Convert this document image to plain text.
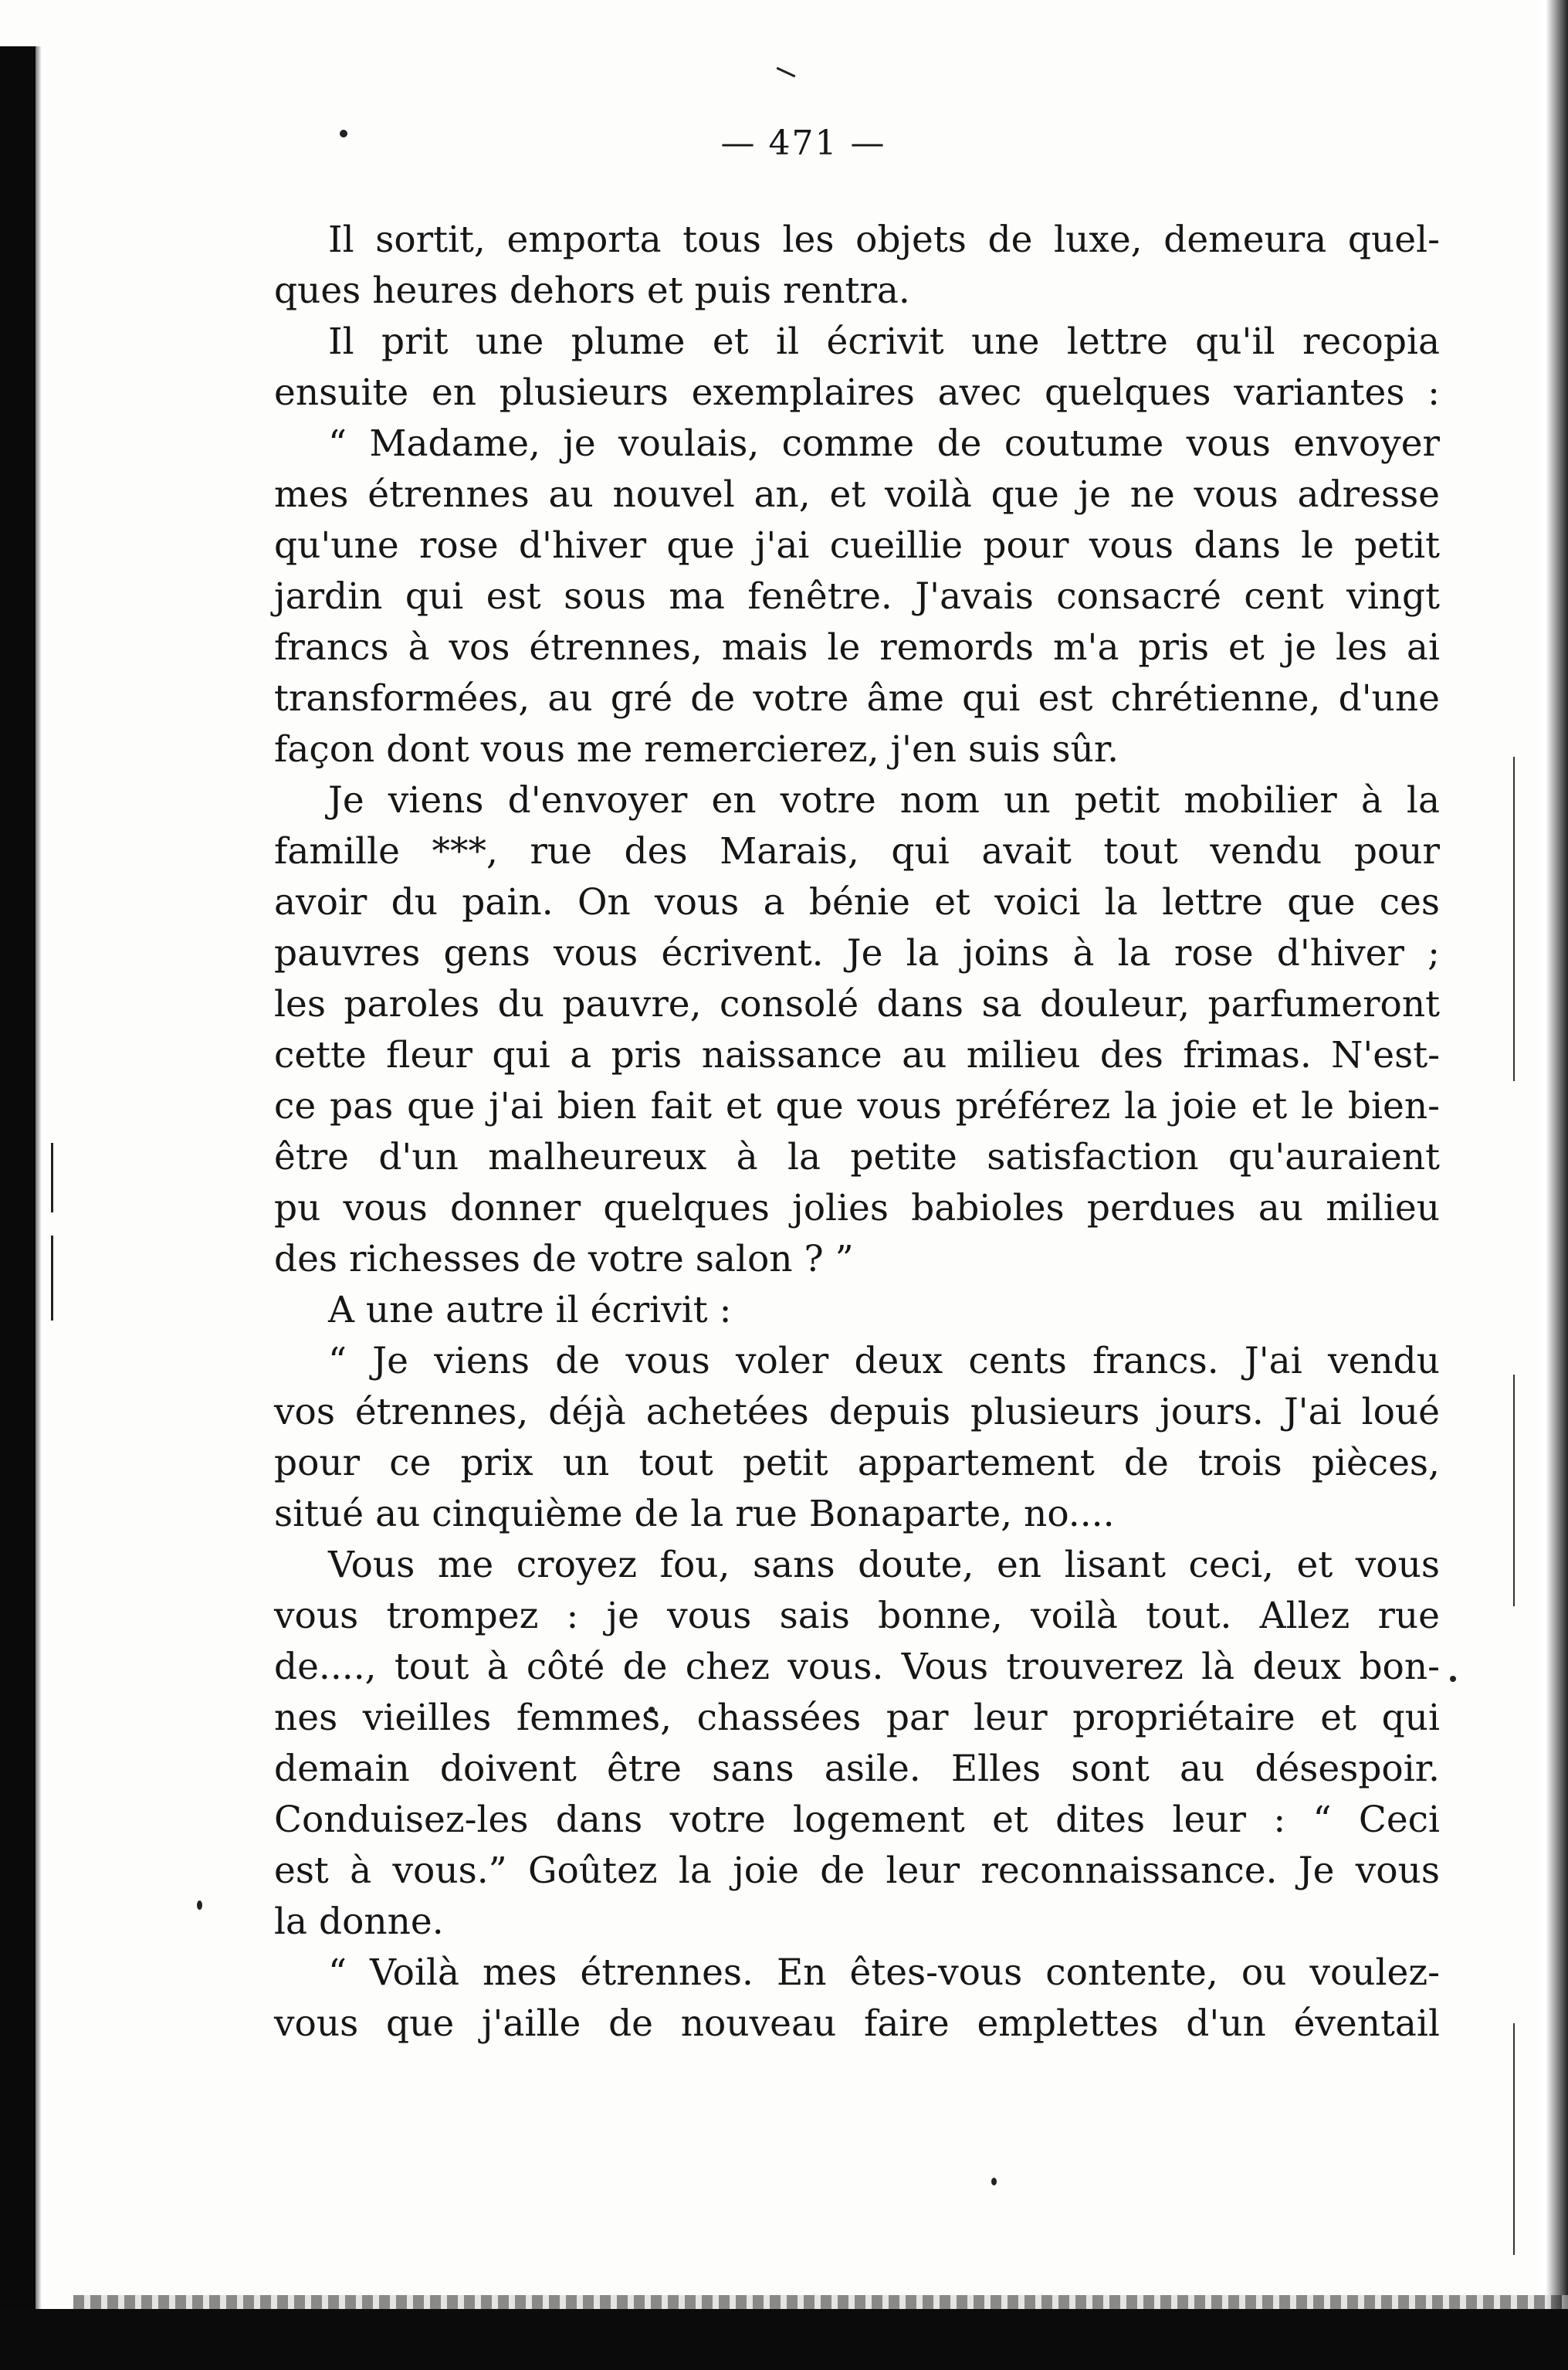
— 471 —
Il sortit, emporta tous les objets de luxe, demeura quel-
ques heures dehors et puis rentra.
Il prit une plume et il écrivit une lettre qu'il recopia
ensuite en plusieurs exemplaires avec quelques variantes :
“ Madame, je voulais, comme de coutume vous envoyer
mes étrennes au nouvel an, et voilà que je ne vous adresse
qu'une rose d'hiver que j'ai cueillie pour vous dans le petit
jardin qui est sous ma fenêtre. J'avais consacré cent vingt
francs à vos étrennes, mais le remords m'a pris et je les ai
transformées, au gré de votre âme qui est chrétienne, d'une
façon dont vous me remercierez, j'en suis sûr.
Je viens d'envoyer en votre nom un petit mobilier à la
famille ***, rue des Marais, qui avait tout vendu pour
avoir du pain. On vous a bénie et voici la lettre que ces
pauvres gens vous écrivent. Je la joins à la rose d'hiver ;
les paroles du pauvre, consolé dans sa douleur, parfumeront
cette fleur qui a pris naissance au milieu des frimas. N'est-
ce pas que j'ai bien fait et que vous préférez la joie et le bien-
être d'un malheureux à la petite satisfaction qu'auraient
pu vous donner quelques jolies babioles perdues au milieu
des richesses de votre salon ? ”
A une autre il écrivit :
“ Je viens de vous voler deux cents francs. J'ai vendu
vos étrennes, déjà achetées depuis plusieurs jours. J'ai loué
pour ce prix un tout petit appartement de trois pièces,
situé au cinquième de la rue Bonaparte, no....
Vous me croyez fou, sans doute, en lisant ceci, et vous
vous trompez : je vous sais bonne, voilà tout. Allez rue
de...., tout à côté de chez vous. Vous trouverez là deux bon-
nes vieilles femmes, chassées par leur propriétaire et qui
demain doivent être sans asile. Elles sont au désespoir.
Conduisez-les dans votre logement et dites leur : “ Ceci
est à vous.” Goûtez la joie de leur reconnaissance. Je vous
la donne.
“ Voilà mes étrennes. En êtes-vous contente, ou voulez-
vous que j'aille de nouveau faire emplettes d'un éventail
